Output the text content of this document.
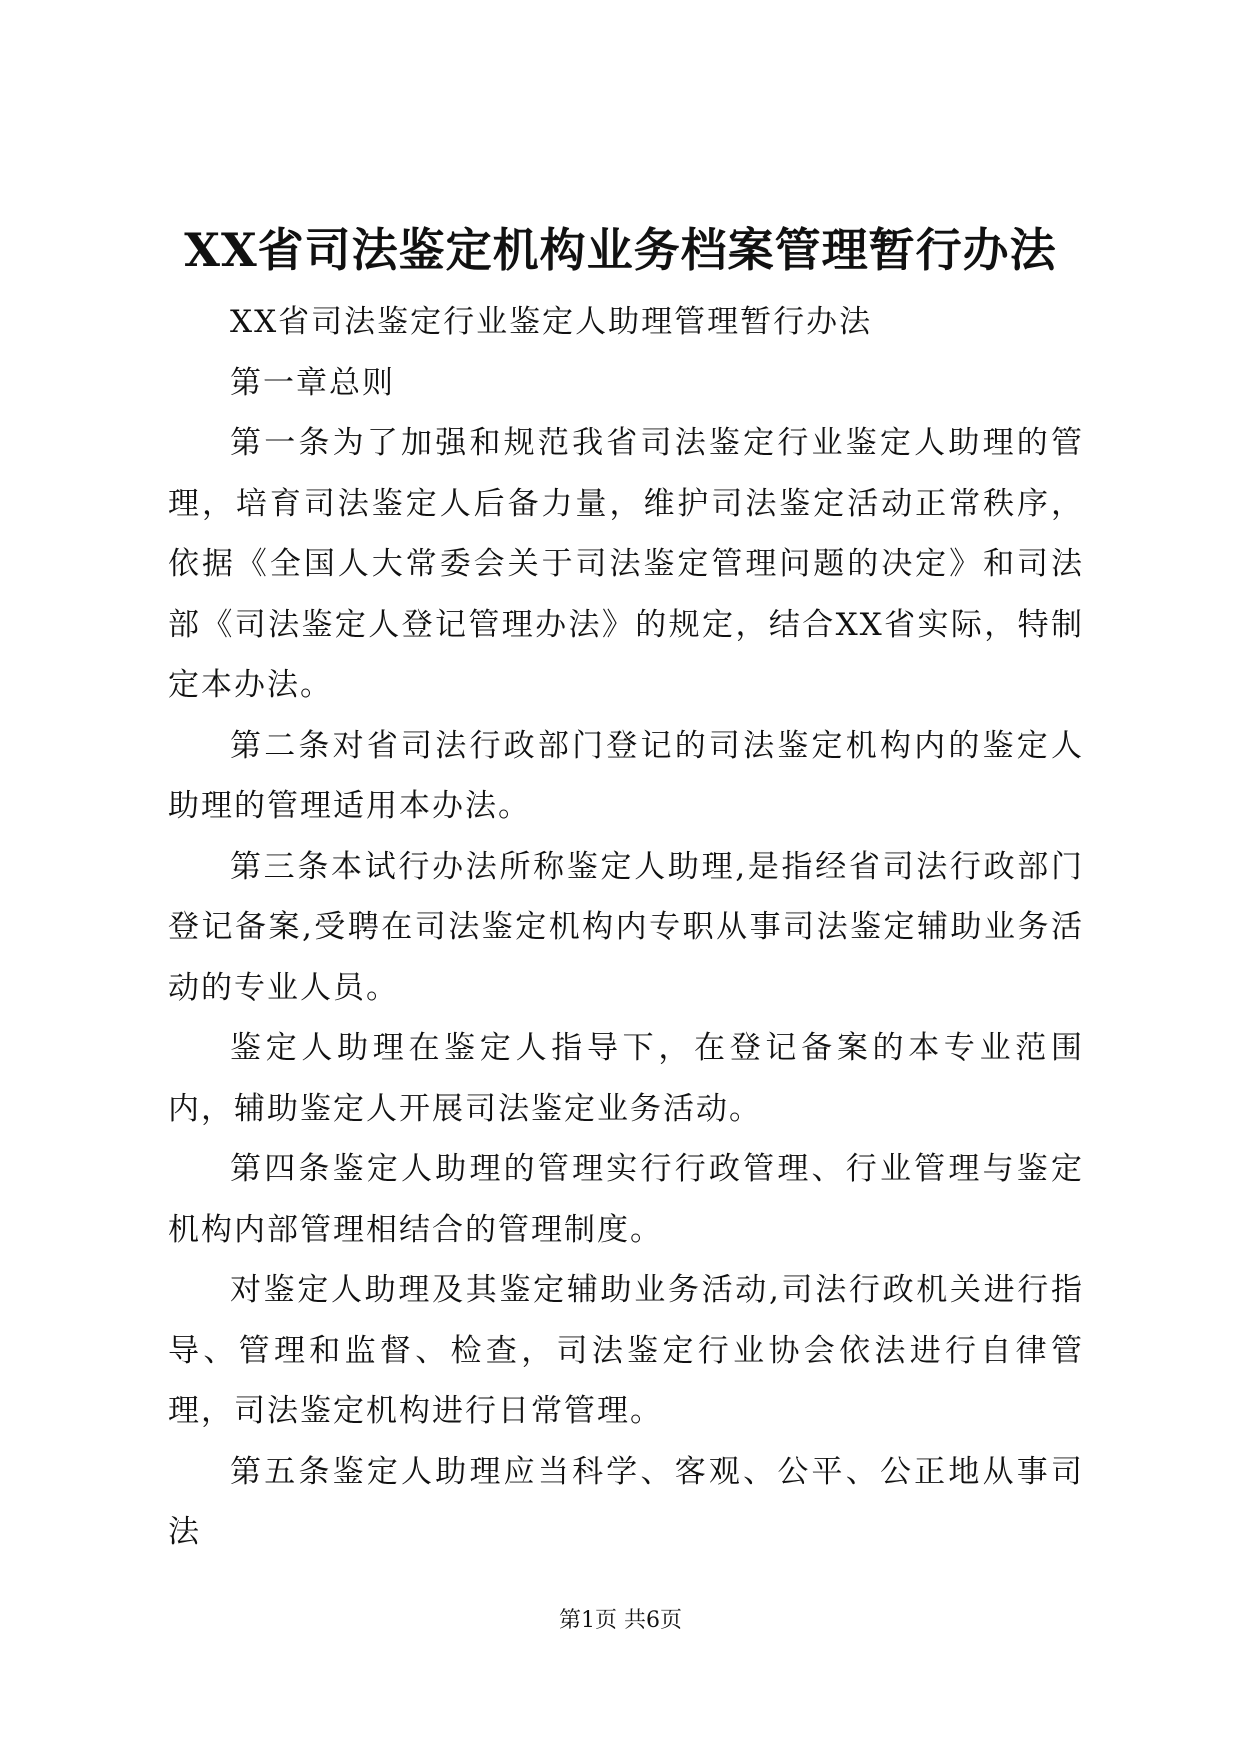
XX省司法鉴定机构业务档案管理暂行办法

XX省司法鉴定行业鉴定人助理管理暂行办法

第一章总则

第一条为了加强和规范我省司法鉴定行业鉴定人助理的管理，培育司法鉴定人后备力量，维护司法鉴定活动正常秩序，依据《全国人大常委会关于司法鉴定管理问题的决定》和司法部《司法鉴定人登记管理办法》的规定，结合XX省实际，特制定本办法。

第二条对省司法行政部门登记的司法鉴定机构内的鉴定人助理的管理适用本办法。

第三条本试行办法所称鉴定人助理,是指经省司法行政部门登记备案,受聘在司法鉴定机构内专职从事司法鉴定辅助业务活动的专业人员。

鉴定人助理在鉴定人指导下，在登记备案的本专业范围内，辅助鉴定人开展司法鉴定业务活动。

第四条鉴定人助理的管理实行行政管理、行业管理与鉴定机构内部管理相结合的管理制度。

对鉴定人助理及其鉴定辅助业务活动,司法行政机关进行指导、管理和监督、检查，司法鉴定行业协会依法进行自律管理，司法鉴定机构进行日常管理。

第五条鉴定人助理应当科学、客观、公平、公正地从事司法

第1页 共6页
